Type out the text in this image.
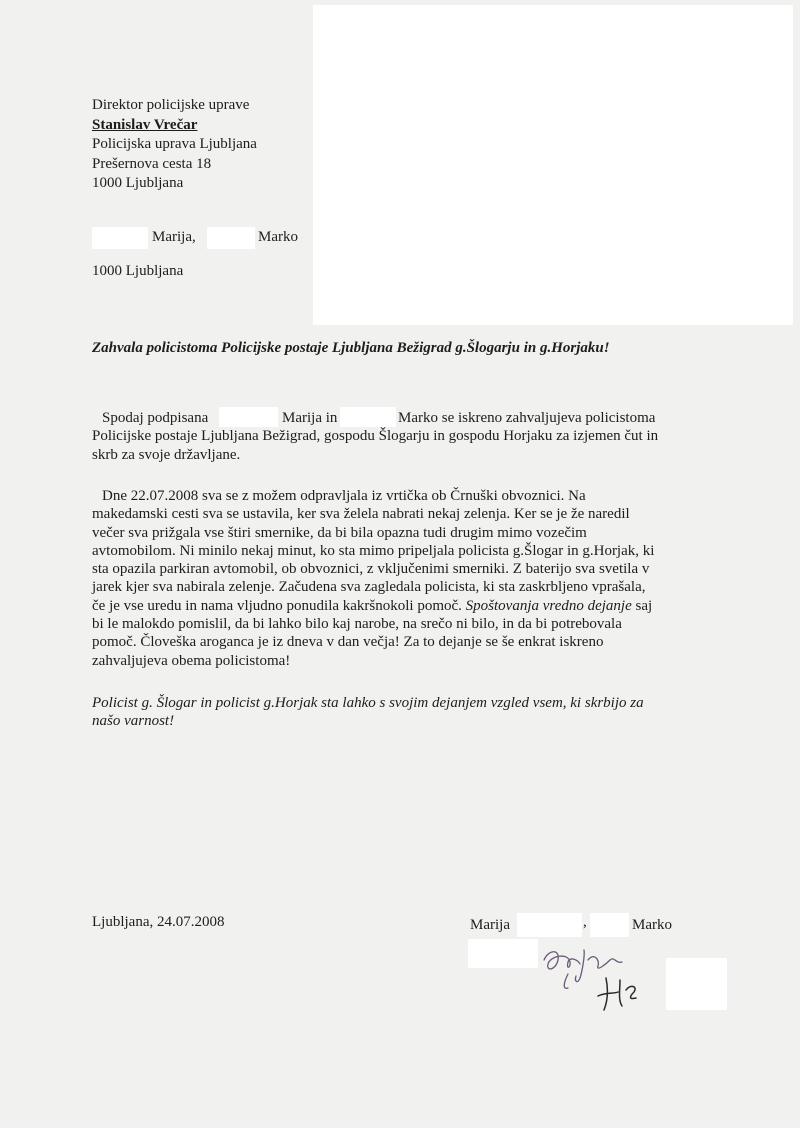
Direktor policijske uprave
Stanislav Vrečar
Policijska uprava Ljubljana
Prešernova cesta 18
1000 Ljubljana
Marija,	Marko
1000 Ljubljana
Zahvala policistoma Policijske postaje Ljubljana Bežigrad g.Šlogarju in g.Horjaku!
Spodaj podpisana	Marija in	Marko se iskreno zahvaljujeva policistoma
Policijske postaje Ljubljana Bežigrad, gospodu Šlogarju in gospodu Horjaku za izjemen čut in
skrb za svoje državljane.
Dne 22.07.2008 sva se z možem odpravljala iz vrtička ob Črnuški obvoznici. Na
makedamski cesti sva se ustavila, ker sva želela nabrati nekaj zelenja. Ker se je že naredil
večer sva prižgala vse štiri smernike, da bi bila opazna tudi drugim mimo vozečim
avtomobilom. Ni minilo nekaj minut, ko sta mimo pripeljala policista g.Šlogar in g.Horjak, ki
sta opazila parkiran avtomobil, ob obvoznici, z vključenimi smerniki. Z baterijo sva svetila v
jarek kjer sva nabirala zelenje. Začudena sva zagledala policista, ki sta zaskrbljeno vprašala,
če je vse uredu in nama vljudno ponudila kakršnokoli pomoč. Spoštovanja vredno dejanje saj
bi le malokdo pomislil, da bi lahko bilo kaj narobe, na srečo ni bilo, in da bi potrebovala
pomoč. Človeška aroganca je iz dneva v dan večja! Za to dejanje se še enkrat iskreno
zahvaljujeva obema policistoma!
Policist g. Šlogar in policist g.Horjak sta lahko s svojim dejanjem vzgled vsem, ki skrbijo za
našo varnost!
Ljubljana, 24.07.2008	Marija	,	Marko
